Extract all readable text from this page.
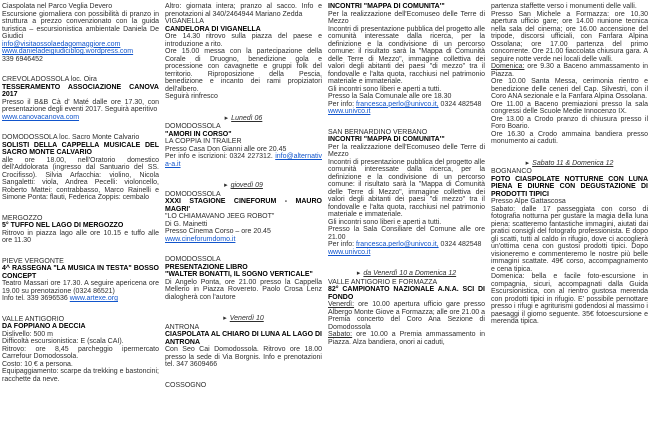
Ciaspolata nel Parco Veglia Devero
Escursione giornaliera con possibilità di pranzo in struttura a prezzo convenzionato con la guida turistica – escursionistica ambientale Daniela De Giudici
info@visitaossolaedagomaggiore.com
www.danieladeigiudiciblog.wordpress.com
339 6946452
CREVOLADOSSOLA loc. Oira
TESSERAMENTO ASSOCIAZIONE CANOVA 2017
Presso il B&B Cà d' Maté dalle ore 17.30, con presentazione degli eventi 2017. Seguirà aperitivo
www.canovacanova.com
DOMODOSSOLA loc. Sacro Monte Calvario
SOLISTI DELLA CAPPELLA MUSICALE DEL SACRO MONTE CALVARIO
alle ore 18.00, nell'Oratorio domestico dell'Addolorata (ingresso dal Santuario del SS. Crocifisso). Silvia Arfacchia: violino, Nicola Sangaletti: viola, Andrea Pecelli: violoncello, Roberto Mattei: contrabbasso, Marco Rainelli e Simone Ponta: flauti, Federica Zoppis: cembalo
MERGOZZO
5° TUFFO NEL LAGO DI MERGOZZO
Ritrovo in piazza lago alle ore 10.15 e tuffo alle ore 11.30
PIEVE VERGONTE
4^ RASSEGNA "LA MUSICA IN TESTA" BOSSO CONCEPT
Teatro Massari ore 17.30. A seguire apericena ore 19.00 su prenotazione (0324 86521)
Info tel. 339 3696536 www.artexe.org
VALLE ANTIGORIO
DA FOPPIANO A DECCIA
Dislivello: 500 m
Difficoltà escursionistica: E (scala CAI).
Ritrovo: ore 8,45 parcheggio ipermercato Carrefour Domodossola.
Costo: 10 € a persona.
Equipaggiamento: scarpe da trekking e bastoncini; racchette da neve.
Altro: giornata intera; pranzo al sacco. Info e prenotazioni al 340/2464944 Mariano Zedda
VIGANELLA
CANDELORA DI VIGANELLA
Ore 14.30 ritrovo sulla piazza del paese e introduzione a rito.
Ore 15.00 messa con la partecipazione della Corale di Druogno, benedizione gola e processione con cavagnette e gruppi folk del territorio. Riproposizione della Pescia, benedizione e incanto dei rami propiziatori dell'albero.
Seguirà rinfresco
▸ Lunedì 06
DOMODOSSOLA
"AMORI IN CORSO"
LA COPPIA IN TRAILER
Presso Casa Don Gianni alle ore 20.45
Per info e iscrizioni: 0324 227312. info@alternativa-a.it
▸ giovedì 09
DOMODOSSOLA
XXXI STAGIONE CINEFORUM - MAURO MAGRI'
"LO CHIAMAVANO JEEG ROBOT"
Di G. Mainetti
Presso Cinema Corso – ore 20.45
www.cineforumdomo.it
DOMODOSSOLA
PRESENTAZIONE LIBRO
"WALTER BONATTI, IL SOGNO VERTICALE"
Di Angelo Ponta, ore 21.00 presso la Cappella Mellerio in Piazza Rovereto. Paolo Crosa Lenz dialogherà con l'autore
▸ Venerdì 10
ANTRONA
CIASPOLATA AL CHIARO DI LUNA AL LAGO DI ANTRONA
Con Seo Cai Domodossola. Ritrovo ore 18.00 presso la sede di Via Borgnis. Info e prenotazioni tel. 347 3609466
COSSOGNO
INCONTRI "MAPPA DI COMUNITA'"
Per la realizzazione dell'Ecomuseo delle Terre di Mezzo
Incontri di presentazione pubblica del progetto alle comunità interessate dalla ricerca, per la definizione e la condivisione di un percorso comune: il risultato sarà la "Mappa di Comunità delle Terre di Mezzo", immagine collettiva dei valori degli abitanti dei paesi "di mezzo" tra il fondovalle e l'alta quota, racchiusi nel patrimonio materiale e immateriale.
Gli incontri sono liberi e aperti a tutti.
Presso la Sala Comunale alle ore 18.30
Per info: francesca.perlo@univco.it, 0324 482548
www.univco.it
SAN BERNARDINO VERBANO
INCONTRI "MAPPA DI COMUNITA'"
Per la realizzazione dell'Ecomuseo delle Terre di Mezzo
Incontri di presentazione pubblica del progetto alle comunità interessate dalla ricerca, per la definizione e la condivisione di un percorso comune: il risultato sarà la "Mappa di Comunità delle Terre di Mezzo", immagine collettiva dei valori degli abitanti dei paesi "di mezzo" tra il fondovalle e l'alta quota, racchiusi nel patrimonio materiale e immateriale.
Gli incontri sono liberi e aperti a tutti.
Presso la Sala Consiliare del Comune alle ore 21.00
Per info: francesca.perlo@univco.it, 0324 482548
www.univco.it
▸ da Venerdì 10 a Domenica 12
VALLE ANTIGORIO E FORMAZZA
82° CAMPIONATO NAZIONALE A.N.A. SCI DI FONDO
Venerdì: ore 10.00 apertura ufficio gare presso Albergo Monte Giove a Formazza; alle ore 21.00 a Premia concerto del Coro Ana Sezione di Domodossola
Sabato: ore 10.00 a Premia ammassamento in Piazza. Alza bandiera, onori ai caduti,
partenza staffette verso i monumenti delle valli.
Presso San Michele a Formazza: ore 10.30 apertura ufficio gare; ore 14.00 riunione tecnica nella sala del cinema; ore 16.00 accensione del tripode, discorsi ufficiali, con Fanfara Alpina Ossolana; ore 17.00 partenza del primo concorrente. Ore 21.00 fiaccolata chiusura gara. A seguire notte verde nei locali delle valli.
Domenica: ore 9.30 a Baceno ammassamento in Piazza.
Ore 10.00 Santa Messa, cerimonia rientro e benedizione delle ceneri del Cap. Silvestri, con il Coro ANA sezionale e la Fanfara Alpina Ossolana.
Ore 11.00 a Baceno premiazioni presso la sala congressi delle Scuole Medie Innocenzo IX.
Ore 13.00 a Crodo pranzo di chiusura presso il Foro Boario.
Ore 16.30 a Crodo ammaina bandiera presso monumento ai caduti.
▸ Sabato 11 & Domenica 12
BOGNANCO
FOTO CIASPOLATE NOTTURNE CON LUNA PIENA E DIURNE CON DEGUSTAZIONE DI PRODOTTI TIPICI
Presso Alpe Gattascosa
Sabato: dalle 17 passeggiata con corso di fotografia notturna per gustare la magia della luna piena: scatteremo fantastiche immagini, aiutati dai pratici consigli del fotografo professionista. E dopo gli scatti, tutti al caldo in rifugio, dove ci accoglierà un'ottima cena con gustosi prodotti tipici. Dopo visioneremo e commenteremo le nostre più belle immagini scattate. 49€ corso, accompagnamento e cena tipica.
Domenica: bella e facile foto-escursione in compagnia, sicuri, accompagnati dalla Guida Escursionistica, con al rientro gustosa merenda con prodotti tipici in rifugio. E' possibile pernottare presso i rifugi e agriturismi godendosi al massimo i paesaggi il giorno seguente. 35€ fotoescursione e merenda tipica.
